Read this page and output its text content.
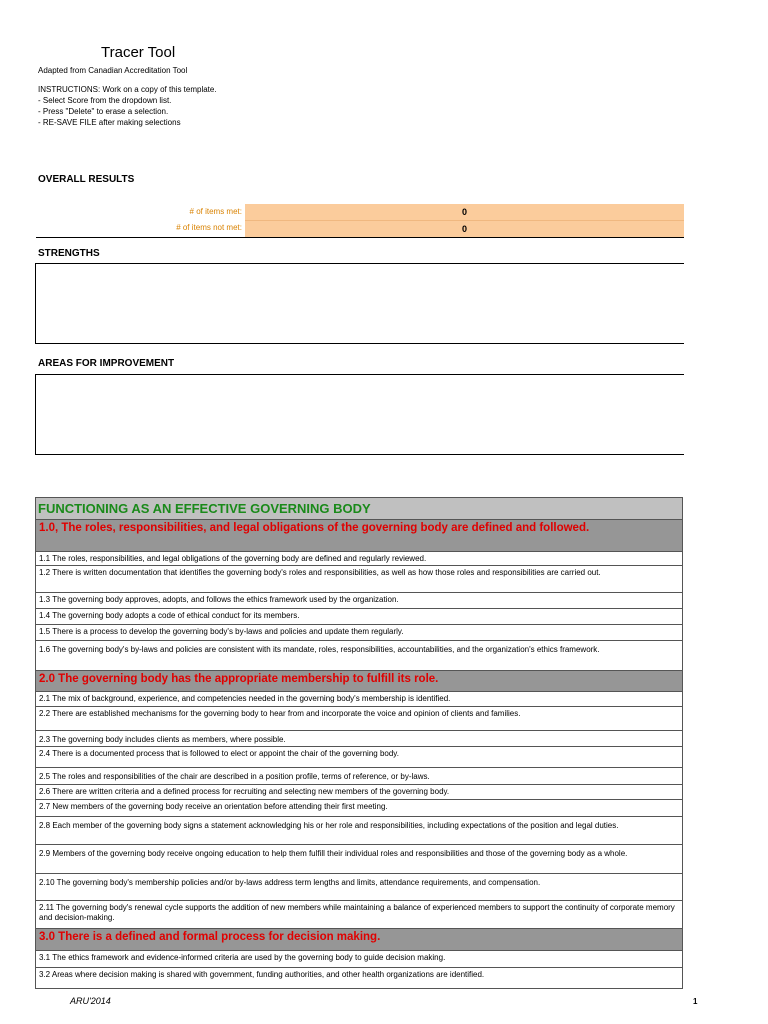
Tracer Tool
Adapted from Canadian Accreditation Tool
INSTRUCTIONS: Work on a copy of this template.
- Select Score from the dropdown list.
- Press "Delete" to erase a selection.
- RE-SAVE FILE after making selections
OVERALL RESULTS
# of items met:	0
# of items not met:	0
STRENGTHS
AREAS FOR IMPROVEMENT
FUNCTIONING AS AN EFFECTIVE GOVERNING BODY
1.0, The roles, responsibilities, and legal obligations of the governing body are defined and followed.
1.1 The roles, responsibilities, and legal obligations of the governing body are defined and regularly reviewed.
1.2 There is written documentation that identifies the governing body's roles and responsibilities, as well as how those roles and responsibilities are carried out.
1.3 The governing body approves, adopts, and follows the ethics framework used by the organization.
1.4 The governing body adopts a code of ethical conduct for its members.
1.5 There is a process to develop the governing body's by-laws and policies and update them regularly.
1.6 The governing body's by-laws and policies are consistent with its mandate, roles, responsibilities, accountabilities, and the organization's ethics framework.
2.0 The governing body has the appropriate membership to fulfill its role.
2.1 The mix of background, experience, and competencies needed in the governing body's membership is identified.
2.2 There are established mechanisms for the governing body to hear from and incorporate the voice and opinion of clients and families.
2.3 The governing body includes clients as members, where possible.
2.4 There is a documented process that is followed to elect or appoint the chair of the governing body.
2.5 The roles and responsibilities of the chair are described in a position profile, terms of reference, or by-laws.
2.6 There are written criteria and a defined process for recruiting and selecting new members of the governing body.
2.7 New members of the governing body receive an orientation before attending their first meeting.
2.8 Each member of the governing body signs a statement acknowledging his or her role and responsibilities, including expectations of the position and legal duties.
2.9 Members of the governing body receive ongoing education to help them fulfill their individual roles and responsibilities and those of the governing body as a whole.
2.10 The governing body's membership policies and/or by-laws address term lengths and limits, attendance requirements, and compensation.
2.11 The governing body's renewal cycle supports the addition of new members while maintaining a balance of experienced members to support the continuity of corporate memory and decision-making.
3.0 There is a defined and formal process for decision making.
3.1 The ethics framework and evidence-informed criteria are used by the governing body to guide decision making.
3.2 Areas where decision making is shared with government, funding authorities, and other health organizations are identified.
ARU'2014	1
